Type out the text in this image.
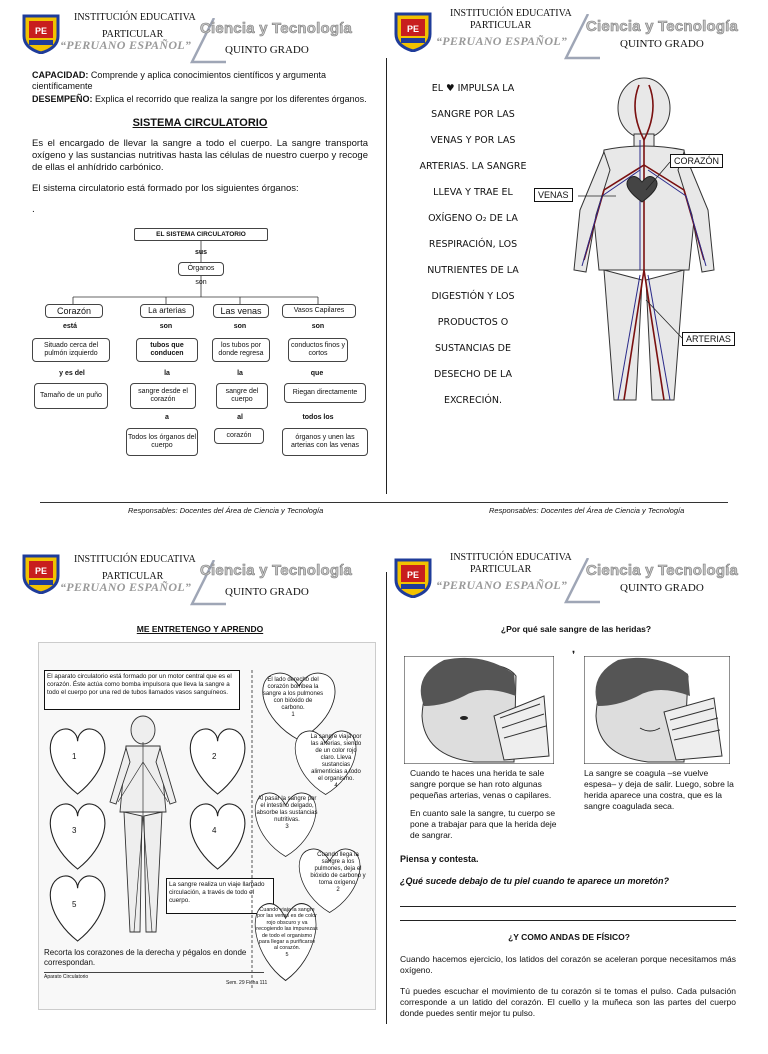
Responsables: Docentes del Área de Ciencia y Tecnología	Responsables: Docentes del Área de Ciencia y Tecnología
PE
INSTITUCIÓN EDUCATIVA
PARTICULAR
“PERUANO ESPAÑOL”
Ciencia y Tecnología
QUINTO GRADO
CAPACIDAD: Comprende y aplica conocimientos científicos y argumenta científicamente
DESEMPEÑO: Explica el recorrido que realiza la sangre por los diferentes órganos.
SISTEMA CIRCULATORIO

Es el encargado de llevar la sangre a todo el cuerpo. La sangre transporta oxígeno y las sustancias nutritivas hasta las células de nuestro cuerpo y recoge de ellas el anhídrido carbónico.

El sistema circulatorio está formado por los siguientes órganos:

.
EL SISTEMA CIRCULATORIO
sus
Órganos
son
Corazón	La arterias	Las venas	Vasos Capilares
está	son	son	son
Situado cerca del pulmón izquierdo
tubos que conducen
los tubos por donde regresa
conductos finos y cortos
y es del	la	la	que
Tamaño de un puño
sangre desde el corazón
sangre del cuerpo
Riegan directamente
a	al	todos los
Todos los órganos del cuerpo
corazón	órganos y unen las arterias con las venas
PE
INSTITUCIÓN EDUCATIVA
PARTICULAR
“PERUANO ESPAÑOL”
Ciencia y Tecnología
QUINTO GRADO
EL ♥ IMPULSA LA
SANGRE POR LAS
VENAS Y POR LAS
ARTERIAS. LA SANGRE
LLEVA Y TRAE EL
OXÍGENO O₂ DE LA
RESPIRACIÓN, LOS
NUTRIENTES DE LA
DIGESTIÓN Y LOS
PRODUCTOS O
SUSTANCIAS DE
DESECHO DE LA
EXCRECIÓN.
CORAZÓN
VENAS
ARTERIAS
PE
INSTITUCIÓN EDUCATIVA
PARTICULAR
“PERUANO ESPAÑOL”
Ciencia y Tecnología
QUINTO GRADO
ME ENTRETENGO Y APRENDO
El aparato circulatorio está formado por un motor central que es el corazón. Éste actúa como bomba impulsora que lleva la sangre a todo el cuerpo por una red de tubos llamados vasos sanguíneos.
1	2
3	4
5
La sangre realiza un viaje llamado circulación, a través de todo el cuerpo.
Recorta los corazones de la derecha y pégalos en donde correspondan.
Aparato Circulatorio
Sem. 29 Ficha 111
El lado derecho del corazón bombea la sangre a los pulmones con bióxido de carbono.
1
La sangre viaja por las arterias, siendo de un color rojo claro. Lleva sustancias alimenticias a todo el organismo.
4
Al pasar la sangre por el intestino delgado, absorbe las sustancias nutritivas.
3
Cuando llega la sangre a los pulmones, deja el bióxido de carbono y toma oxígeno.
2
Cuando viaja la sangre por las venas es de color rojo obscuro y va recogiendo las impurezas de todo el organismo para llegar a purificarse al corazón.
5
PE
INSTITUCIÓN EDUCATIVA
PARTICULAR
“PERUANO ESPAÑOL”
Ciencia y Tecnología
QUINTO GRADO
¿Por qué sale sangre de las heridas?
❜

Cuando te haces una herida te sale sangre porque se han roto algunas pequeñas arterias, venas o capilares.

En cuanto sale la sangre, tu cuerpo se pone a trabajar para que la herida deje de sangrar.

La sangre se coagula –se vuelve espesa– y deja de salir. Luego, sobre la herida aparece una costra, que es la sangre coagulada seca.

Piensa y contesta.
¿Qué sucede debajo de tu piel cuando te aparece un moretón?
¿Y COMO ANDAS DE FÍSICO?

Cuando hacemos ejercicio, los latidos del corazón se aceleran porque necesitamos más oxígeno.

Tú puedes escuchar el movimiento de tu corazón si te tomas el pulso. Cada pulsación corresponde a un latido del corazón. El cuello y la muñeca son las partes del cuerpo donde puedes sentir mejor tu pulso.
